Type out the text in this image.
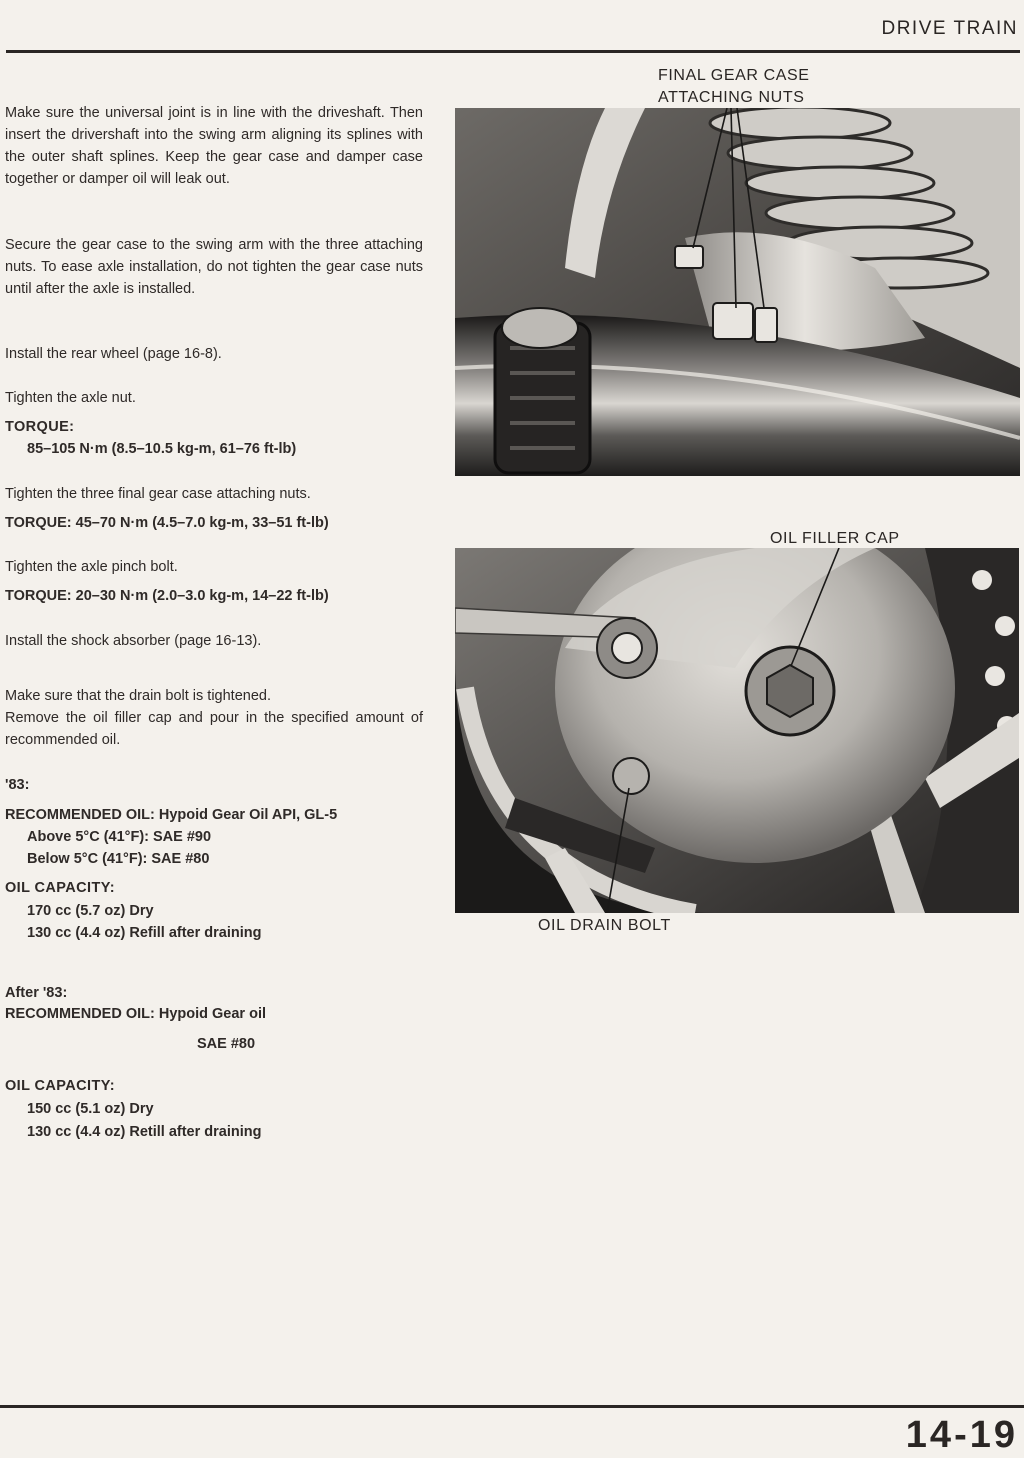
DRIVE TRAIN
Make sure the universal joint is in line with the driveshaft. Then insert the drivershaft into the swing arm aligning its splines with the outer shaft splines. Keep the gear case and damper case together or damper oil will leak out.
Secure the gear case to the swing arm with the three attaching nuts. To ease axle installation, do not tighten the gear case nuts until after the axle is installed.
Install the rear wheel (page 16-8).
Tighten the axle nut.
TORQUE:
85–105 N·m (8.5–10.5 kg-m, 61–76 ft-lb)
Tighten the three final gear case attaching nuts.
TORQUE: 45–70 N·m (4.5–7.0 kg-m, 33–51 ft-lb)
Tighten the axle pinch bolt.
TORQUE: 20–30 N·m (2.0–3.0 kg-m, 14–22 ft-lb)
Install the shock absorber (page 16-13).
Make sure that the drain bolt is tightened.
Remove the oil filler cap and pour in the specified amount of recommended oil.
'83:
RECOMMENDED OIL: Hypoid Gear Oil API, GL-5
Above 5°C (41°F): SAE #90
Below 5°C (41°F): SAE #80
OIL CAPACITY:
170 cc (5.7 oz) Dry
130 cc (4.4 oz) Refill after draining
After '83:
RECOMMENDED OIL: Hypoid Gear oil
SAE #80
OIL CAPACITY:
150 cc (5.1 oz) Dry
130 cc (4.4 oz) Retill after draining
FINAL GEAR CASE
ATTACHING NUTS
OIL FILLER CAP
OIL DRAIN BOLT
14-19
